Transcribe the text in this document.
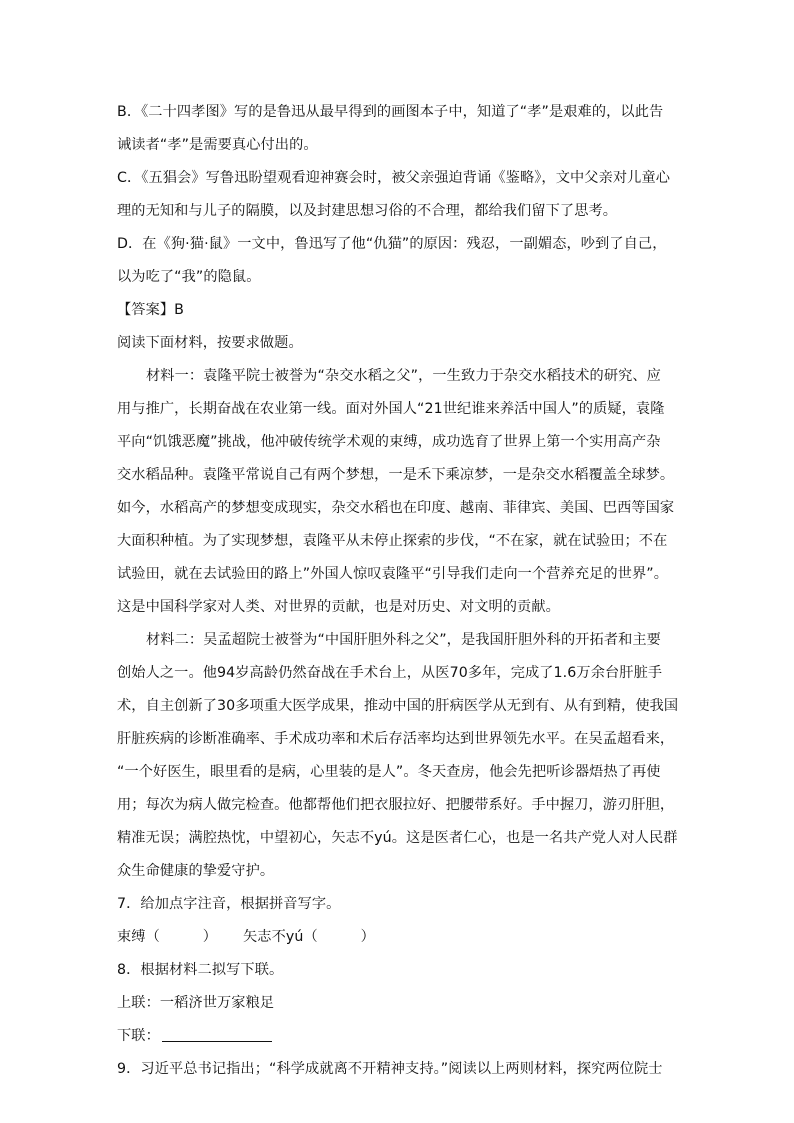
B．《二十四孝图》写的是鲁迅从最早得到的画图本子中，知道了“孝”是艰难的，以此告
诫读者“孝”是需要真心付出的。
C．《五猖会》写鲁迅盼望观看迎神赛会时，被父亲强迫背诵《鉴略》，文中父亲对儿童心
理的无知和与儿子的隔膜，以及封建思想习俗的不合理，都给我们留下了思考。
D．在《狗·猫·鼠》一文中，鲁迅写了他“仇猫”的原因：残忍，一副媚态，吵到了自己，
以为吃了“我”的隐鼠。
【答案】B
阅读下面材料，按要求做题。
材料一：袁隆平院士被誉为“杂交水稻之父”，一生致力于杂交水稻技术的研究、应
用与推广，长期奋战在农业第一线。面对外国人“21世纪谁来养活中国人”的质疑，袁隆
平向“饥饿恶魔”挑战，他冲破传统学术观的束缚，成功选育了世界上第一个实用高产杂
交水稻品种。袁隆平常说自己有两个梦想，一是禾下乘凉梦，一是杂交水稻覆盖全球梦。
如今，水稻高产的梦想变成现实，杂交水稻也在印度、越南、菲律宾、美国、巴西等国家
大面积种植。为了实现梦想，袁隆平从未停止探索的步伐，“不在家，就在试验田；不在
试验田，就在去试验田的路上”外国人惊叹袁隆平“引导我们走向一个营养充足的世界”。
这是中国科学家对人类、对世界的贡献，也是对历史、对文明的贡献。
材料二：吴孟超院士被誉为“中国肝胆外科之父”，是我国肝胆外科的开拓者和主要
创始人之一。他94岁高龄仍然奋战在手术台上，从医70多年，完成了1.6万余台肝脏手
术，自主创新了30多项重大医学成果，推动中国的肝病医学从无到有、从有到精，使我国
肝脏疾病的诊断准确率、手术成功率和术后存活率均达到世界领先水平。在吴孟超看来，
“一个好医生，眼里看的是病，心里装的是人”。冬天查房，他会先把听诊器焐热了再使
用；每次为病人做完检查。他都帮他们把衣服拉好、把腰带系好。手中握刀，游刃肝胆，
精准无误；满腔热忱，中望初心，矢志不yú。这是医者仁心，也是一名共产党人对人民群
众生命健康的挚爱守护。
7．给加点字注音，根据拼音写字。
束缚（　　　） 矢志不yú（　　　）
8．根据材料二拟写下联。
上联：一稻济世万家粮足
下联：
9．习近平总书记指出；“科学成就离不开精神支持。”阅读以上两则材料，探究两位院士
